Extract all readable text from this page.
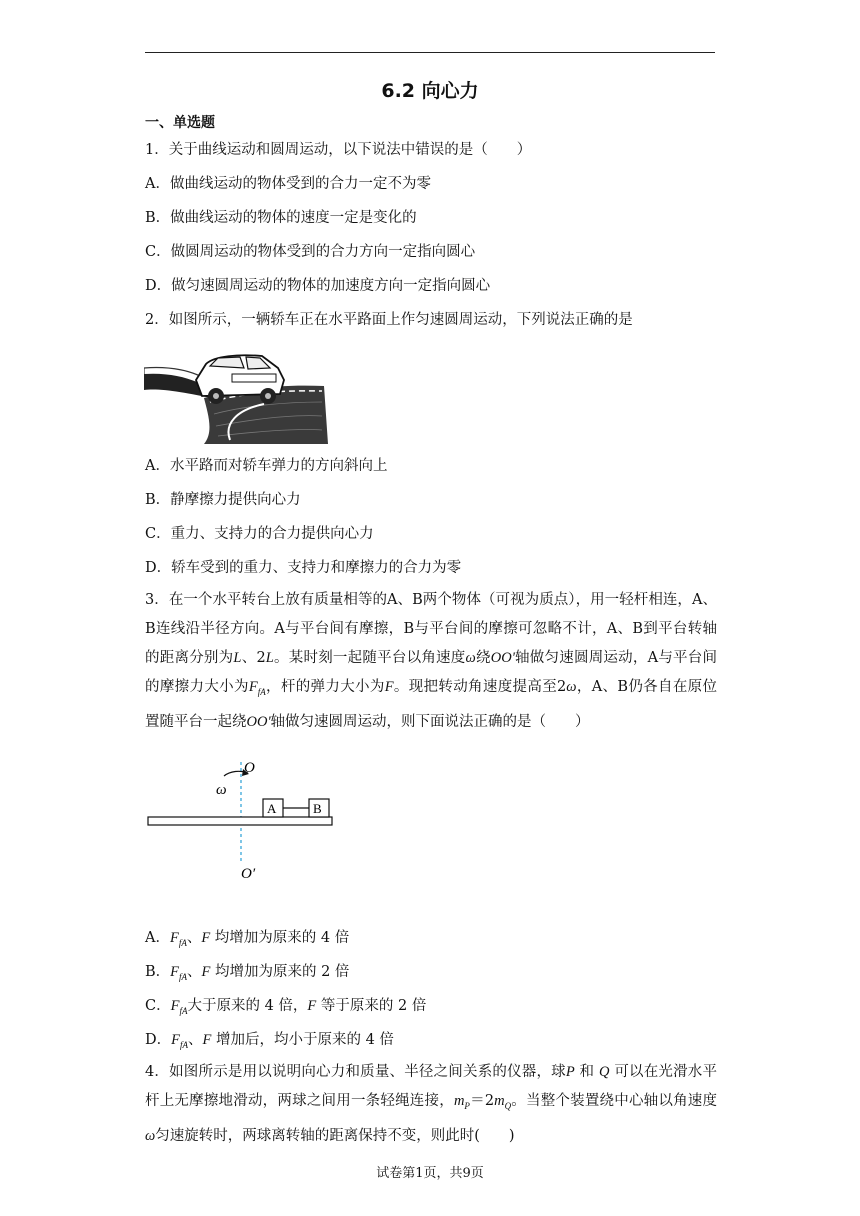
6.2 向心力
一、单选题
1．关于曲线运动和圆周运动，以下说法中错误的是（　　）
A．做曲线运动的物体受到的合力一定不为零
B．做曲线运动的物体的速度一定是变化的
C．做圆周运动的物体受到的合力方向一定指向圆心
D．做匀速圆周运动的物体的加速度方向一定指向圆心
2．如图所示，一辆轿车正在水平路面上作匀速圆周运动，下列说法正确的是
A．水平路而对轿车弹力的方向斜向上
B．静摩擦力提供向心力
C．重力、支持力的合力提供向心力
D．轿车受到的重力、支持力和摩擦力的合力为零

3．在一个水平转台上放有质量相等的A、B两个物体（可视为质点），用一轻杆相连，A、B连线沿半径方向。A与平台间有摩擦，B与平台间的摩擦可忽略不计，A、B到平台转轴的距离分别为L、2L。某时刻一起随平台以角速度ω绕OO'轴做匀速圆周运动，A与平台间的摩擦力大小为$F_{fA}$，杆的弹力大小为F。现把转动角速度提高至2ω，A、B仍各自在原位置随平台一起绕OO'轴做匀速圆周运动，则下面说法正确的是（　　）

O
ω
A	B
O′
A．$F_{fA}$、F 均增加为原来的 4 倍
B．$F_{fA}$、F 均增加为原来的 2 倍
C．$F_{fA}$大于原来的 4 倍，F 等于原来的 2 倍
D．$F_{fA}$、F 增加后，均小于原来的 4 倍

4．如图所示是用以说明向心力和质量、半径之间关系的仪器，球P 和 Q 可以在光滑水平杆上无摩擦地滑动，两球之间用一条轻绳连接，$m_P=2m_Q$。当整个装置绕中心轴以角速度ω匀速旋转时，两球离转轴的距离保持不变，则此时(　　)

试卷第1页，共9页
